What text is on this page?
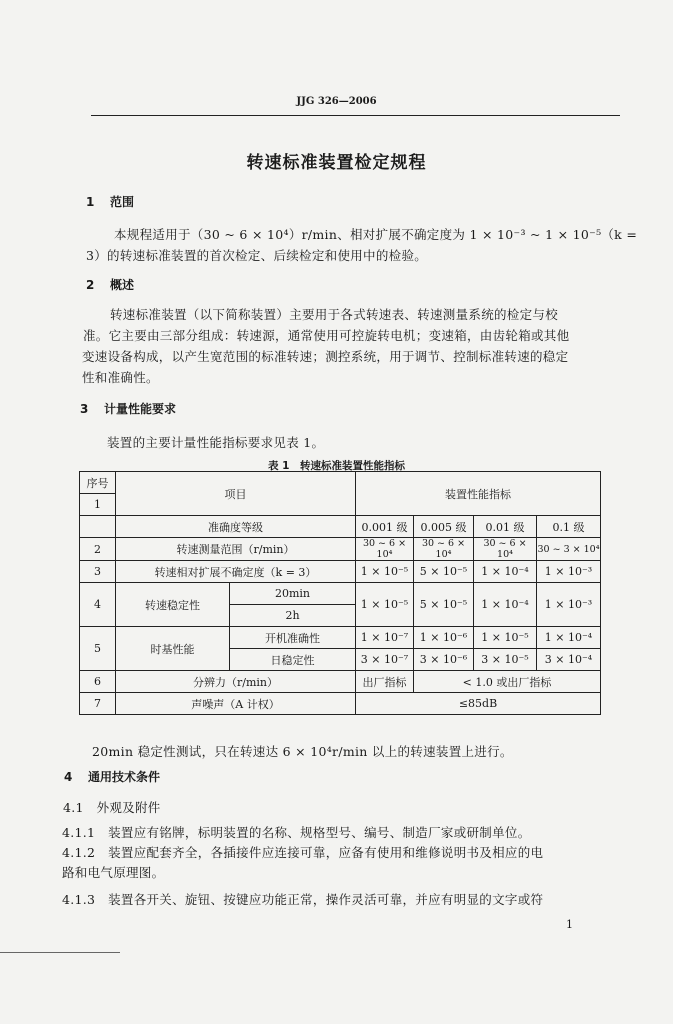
JJG 326—2006
转速标准装置检定规程
1 范围
本规程适用于（30 ~ 6 × 10⁴）r/min、相对扩展不确定度为 1 × 10⁻³ ~ 1 × 10⁻⁵（k =
3）的转速标准装置的首次检定、后续检定和使用中的检验。
2 概述
转速标准装置（以下简称装置）主要用于各式转速表、转速测量系统的检定与校
准。它主要由三部分组成：转速源，通常使用可控旋转电机；变速箱，由齿轮箱或其他
变速设备构成，以产生宽范围的标准转速；测控系统，用于调节、控制标准转速的稳定
性和准确性。
3 计量性能要求
装置的主要计量性能指标要求见表 1。
表 1　转速标准装置性能指标
序号	项目		装置性能指标			
1						
	准确度等级		0.001 级	0.005 级	0.01 级	0.1 级
2	转速测量范围（r/min）		30 ~ 6 × 10⁴	30 ~ 6 × 10⁴	30 ~ 6 × 10⁴	30 ~ 3 × 10⁴
3	转速相对扩展不确定度（k = 3）		1 × 10⁻⁵	5 × 10⁻⁵	1 × 10⁻⁴	1 × 10⁻³
4	转速稳定性	20min	1 × 10⁻⁵	5 × 10⁻⁵	1 × 10⁻⁴	1 × 10⁻³
		2h				
5	时基性能	开机准确性	1 × 10⁻⁷	1 × 10⁻⁶	1 × 10⁻⁵	1 × 10⁻⁴
		日稳定性	3 × 10⁻⁷	3 × 10⁻⁶	3 × 10⁻⁵	3 × 10⁻⁴
6	分辨力（r/min）		出厂指标	< 1.0 或出厂指标		
7	声噪声（A 计权）		≤85dB			
20min 稳定性测试，只在转速达 6 × 10⁴r/min 以上的转速装置上进行。
4 通用技术条件
4.1　外观及附件
4.1.1　装置应有铭牌，标明装置的名称、规格型号、编号、制造厂家或研制单位。
4.1.2　装置应配套齐全，各插接件应连接可靠，应备有使用和维修说明书及相应的电
路和电气原理图。
4.1.3　装置各开关、旋钮、按键应功能正常，操作灵活可靠，并应有明显的文字或符
1
